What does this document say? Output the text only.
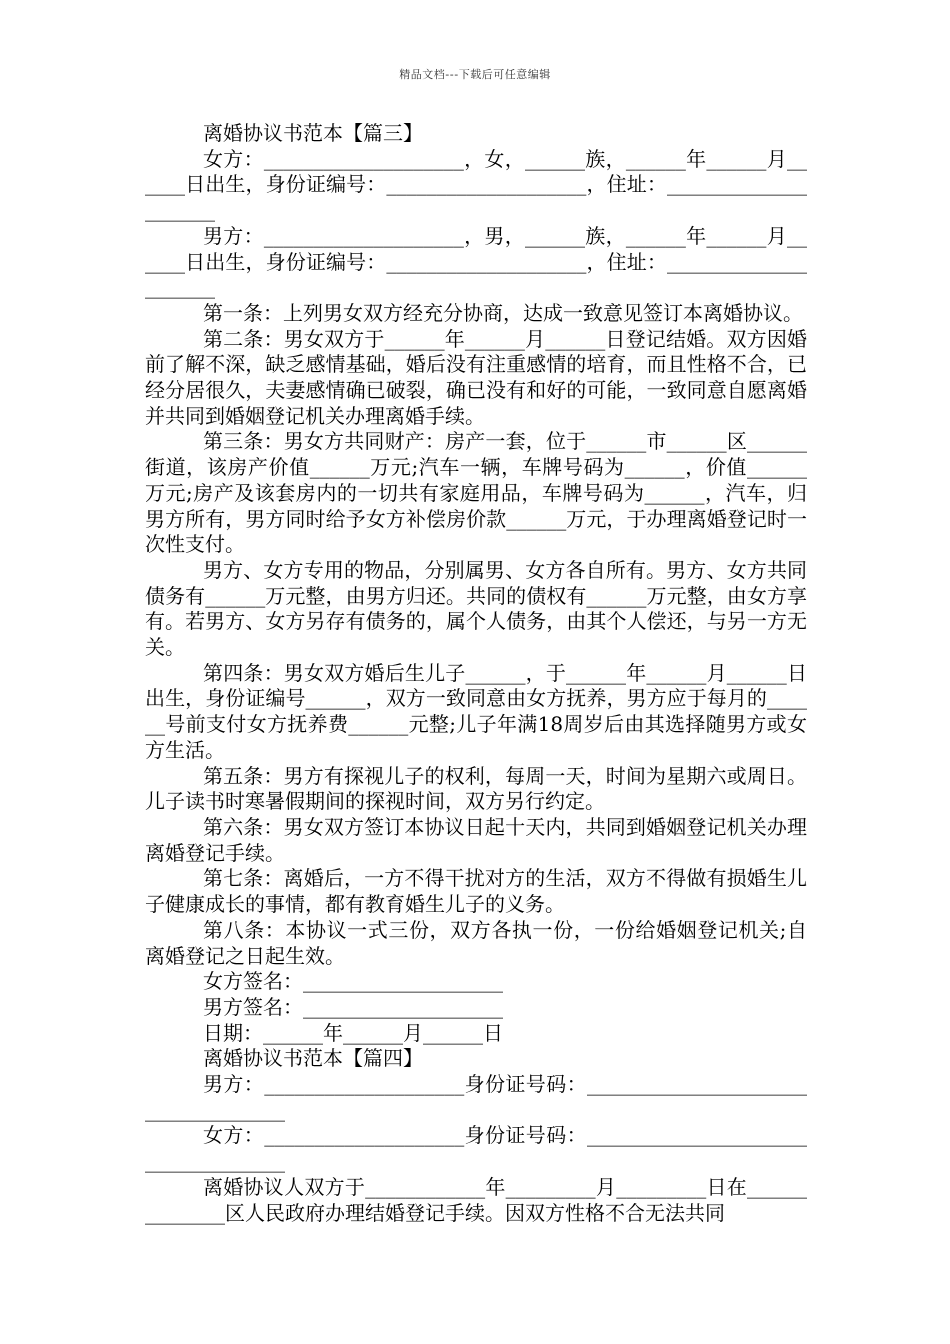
精品文档---下载后可任意编辑

离婚协议书范本【篇三】

女方：____________________，女，______族，______年______月______日出生，身份证编号：____________________，住址：_____________________

男方：____________________，男，______族，______年______月______日出生，身份证编号：____________________，住址：_____________________

第一条：上列男女双方经充分协商，达成一致意见签订本离婚协议。

第二条：男女双方于______年______月______日登记结婚。双方因婚前了解不深，缺乏感情基础，婚后没有注重感情的培育，而且性格不合，已经分居很久，夫妻感情确已破裂，确已没有和好的可能，一致同意自愿离婚并共同到婚姻登记机关办理离婚手续。

第三条：男女方共同财产：房产一套，位于______市______区______街道，该房产价值______万元;汽车一辆，车牌号码为______，价值______万元;房产及该套房内的一切共有家庭用品，车牌号码为______，汽车，归男方所有，男方同时给予女方补偿房价款______万元，于办理离婚登记时一次性支付。

男方、女方专用的物品，分别属男、女方各自所有。男方、女方共同债务有______万元整，由男方归还。共同的债权有______万元整，由女方享有。若男方、女方另存有债务的，属个人债务，由其个人偿还，与另一方无关。

第四条：男女双方婚后生儿子______，于______年______月______日出生，身份证编号______，双方一致同意由女方抚养，男方应于每月的______号前支付女方抚养费______元整;儿子年满18周岁后由其选择随男方或女方生活。

第五条：男方有探视儿子的权利，每周一天，时间为星期六或周日。儿子读书时寒暑假期间的探视时间，双方另行约定。

第六条：男女双方签订本协议日起十天内，共同到婚姻登记机关办理离婚登记手续。

第七条：离婚后，一方不得干扰对方的生活，双方不得做有损婚生儿子健康成长的事情，都有教育婚生儿子的义务。

第八条：本协议一式三份，双方各执一份，一份给婚姻登记机关;自离婚登记之日起生效。

女方签名：____________________

男方签名：____________________

日期：______年______月______日

离婚协议书范本【篇四】

男方：____________________身份证号码：____________________________________

女方：____________________身份证号码：____________________________________

离婚协议人双方于____________年_________月_________日在______________区人民政府办理结婚登记手续。因双方性格不合无法共同
